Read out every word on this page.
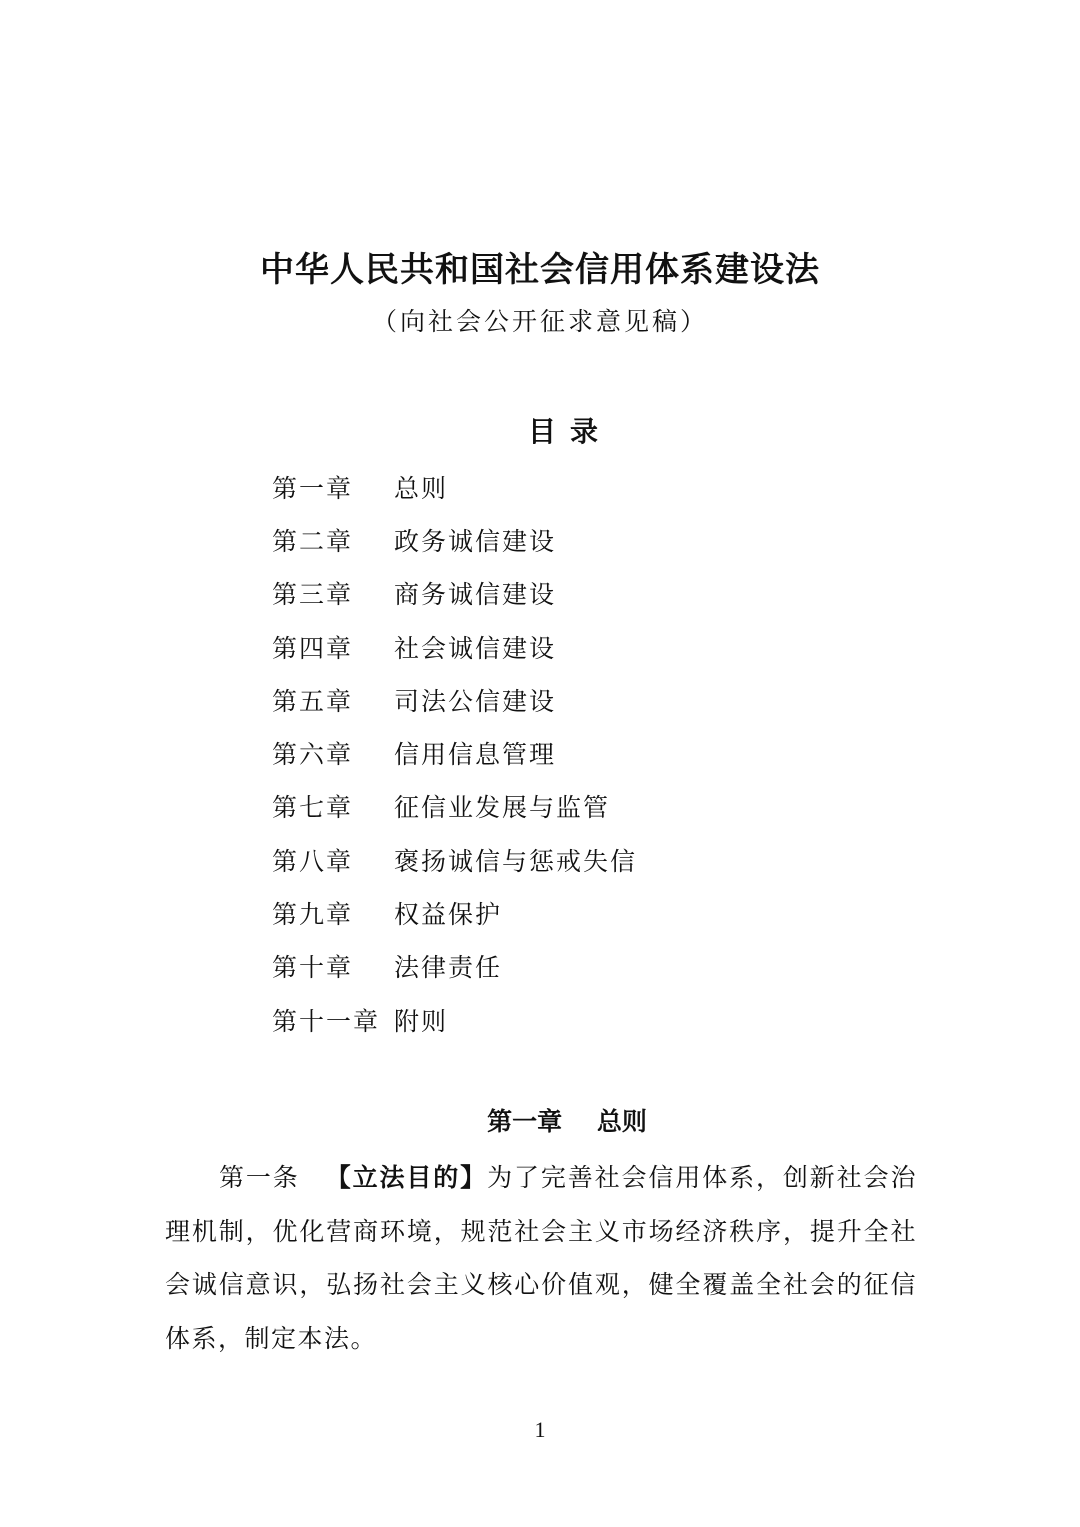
中华人民共和国社会信用体系建设法
（向社会公开征求意见稿）
目录
第一章	总则
第二章	政务诚信建设
第三章	商务诚信建设
第四章	社会诚信建设
第五章	司法公信建设
第六章	信用信息管理
第七章	征信业发展与监管
第八章	褒扬诚信与惩戒失信
第九章	权益保护
第十章	法律责任
第十一章 附则
第一章    总则

第一条 【立法目的】为了完善社会信用体系，创新社会治理机制，优化营商环境，规范社会主义市场经济秩序，提升全社会诚信意识，弘扬社会主义核心价值观，健全覆盖全社会的征信体系，制定本法。

1
